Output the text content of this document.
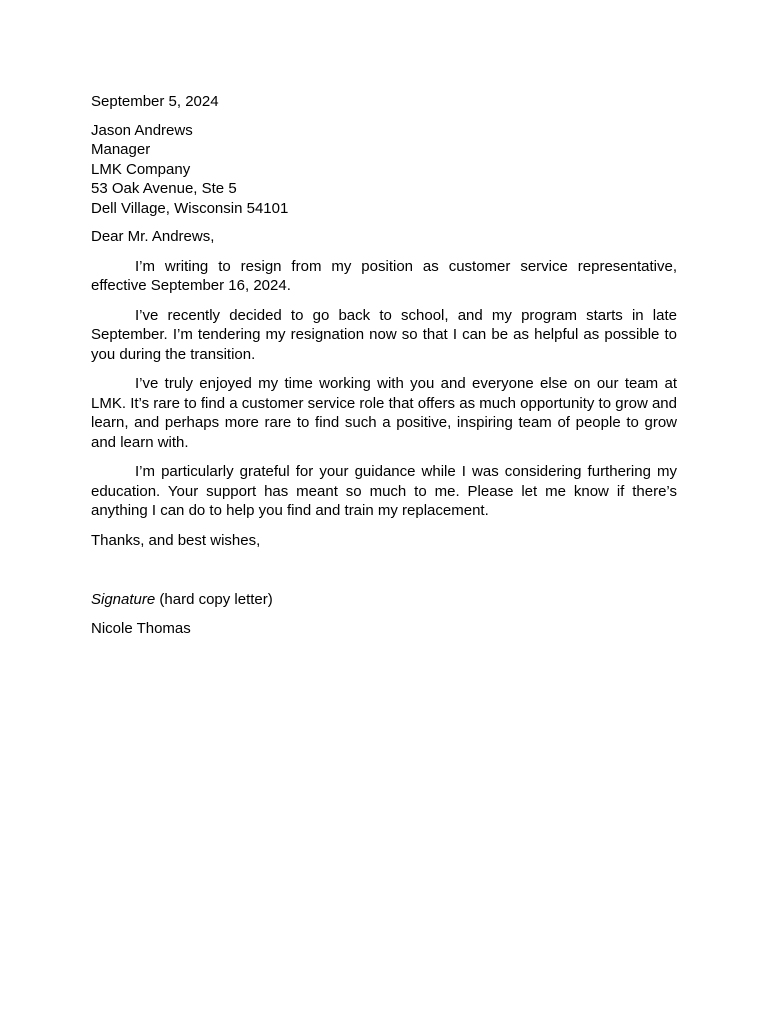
September 5, 2024

Jason Andrews
Manager
LMK Company
53 Oak Avenue, Ste 5
Dell Village, Wisconsin 54101

Dear Mr. Andrews,

I’m writing to resign from my position as customer service representative, effective September 16, 2024.

I’ve recently decided to go back to school, and my program starts in late September. I’m tendering my resignation now so that I can be as helpful as possible to you during the transition.

I’ve truly enjoyed my time working with you and everyone else on our team at LMK. It’s rare to find a customer service role that offers as much opportunity to grow and learn, and perhaps more rare to find such a positive, inspiring team of people to grow and learn with.

I’m particularly grateful for your guidance while I was considering furthering my education. Your support has meant so much to me. Please let me know if there’s anything I can do to help you find and train my replacement.

Thanks, and best wishes,

Signature (hard copy letter)

Nicole Thomas
